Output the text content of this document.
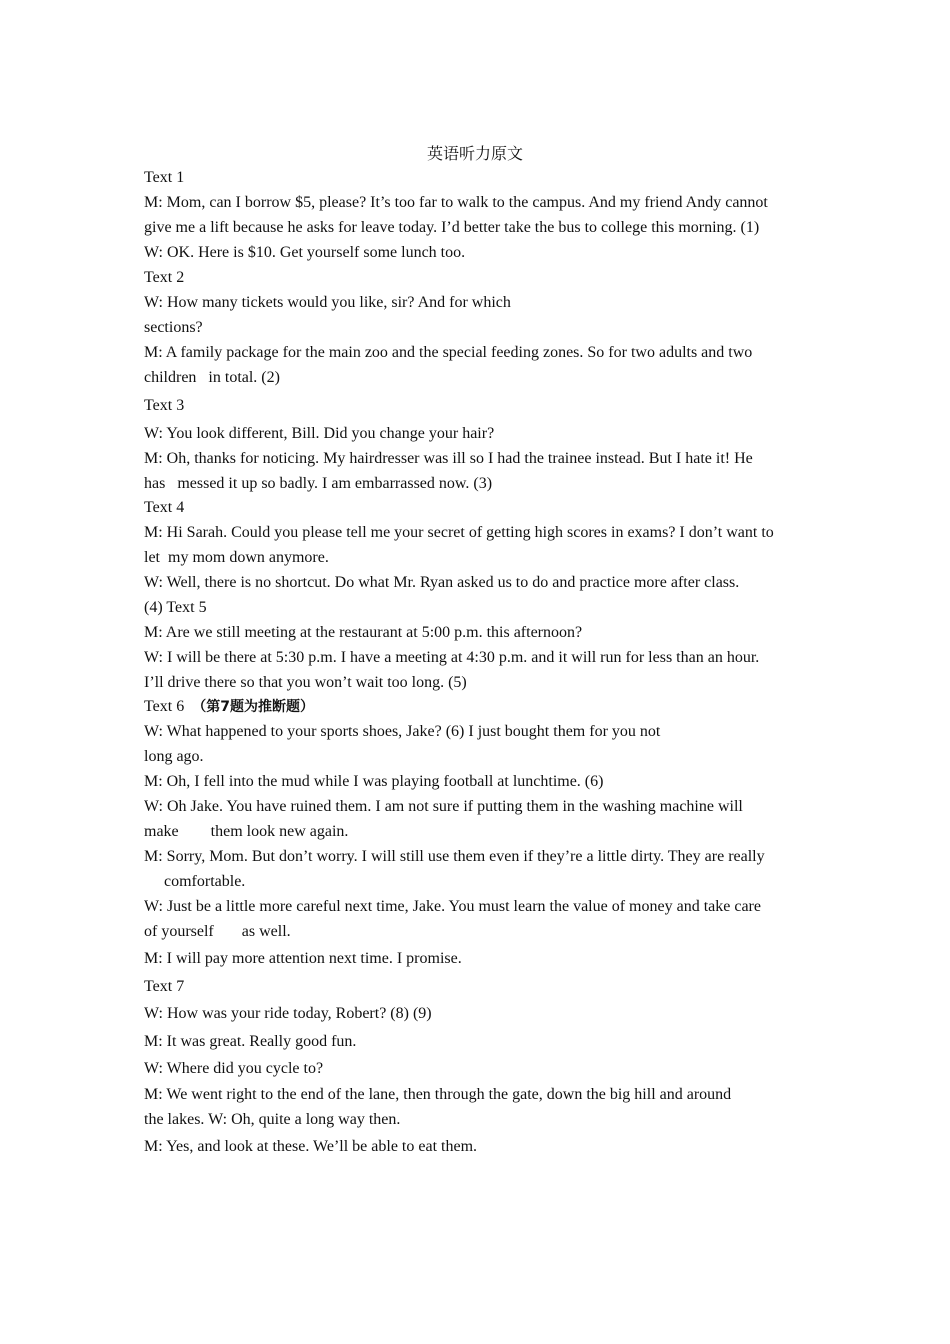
英语听力原文
Text 1
M: Mom, can I borrow $5, please? It’s too far to walk to the campus. And my friend Andy cannot
give me a lift because he asks for leave today. I’d better take the bus to college this morning. (1)
W: OK. Here is $10. Get yourself some lunch too.
Text 2
W: How many tickets would you like, sir? And for which
sections?
M: A family package for the main zoo and the special feeding zones. So for two adults and two
children   in total. (2)
Text 3
W: You look different, Bill. Did you change your hair?
M: Oh, thanks for noticing. My hairdresser was ill so I had the trainee instead. But I hate it! He
has   messed it up so badly. I am embarrassed now. (3)
Text 4
M: Hi Sarah. Could you please tell me your secret of getting high scores in exams? I don’t want to
let  my mom down anymore.
W: Well, there is no shortcut. Do what Mr. Ryan asked us to do and practice more after class.
(4) Text 5
M: Are we still meeting at the restaurant at 5:00 p.m. this afternoon?
W: I will be there at 5:30 p.m. I have a meeting at 4:30 p.m. and it will run for less than an hour.
I’ll drive there so that you won’t wait too long. (5)
Text 6 （第7题为推断题）
W: What happened to your sports shoes, Jake? (6) I just bought them for you not
long ago.
M: Oh, I fell into the mud while I was playing football at lunchtime. (6)
W: Oh Jake. You have ruined them. I am not sure if putting them in the washing machine will
make        them look new again.
M: Sorry, Mom. But don’t worry. I will still use them even if they’re a little dirty. They are really
comfortable.
W: Just be a little more careful next time, Jake. You must learn the value of money and take care
of yourself       as well.
M: I will pay more attention next time. I promise.
Text 7
W: How was your ride today, Robert? (8) (9)
M: It was great. Really good fun.
W: Where did you cycle to?
M: We went right to the end of the lane, then through the gate, down the big hill and around
the lakes. W: Oh, quite a long way then.
M: Yes, and look at these. We’ll be able to eat them.
